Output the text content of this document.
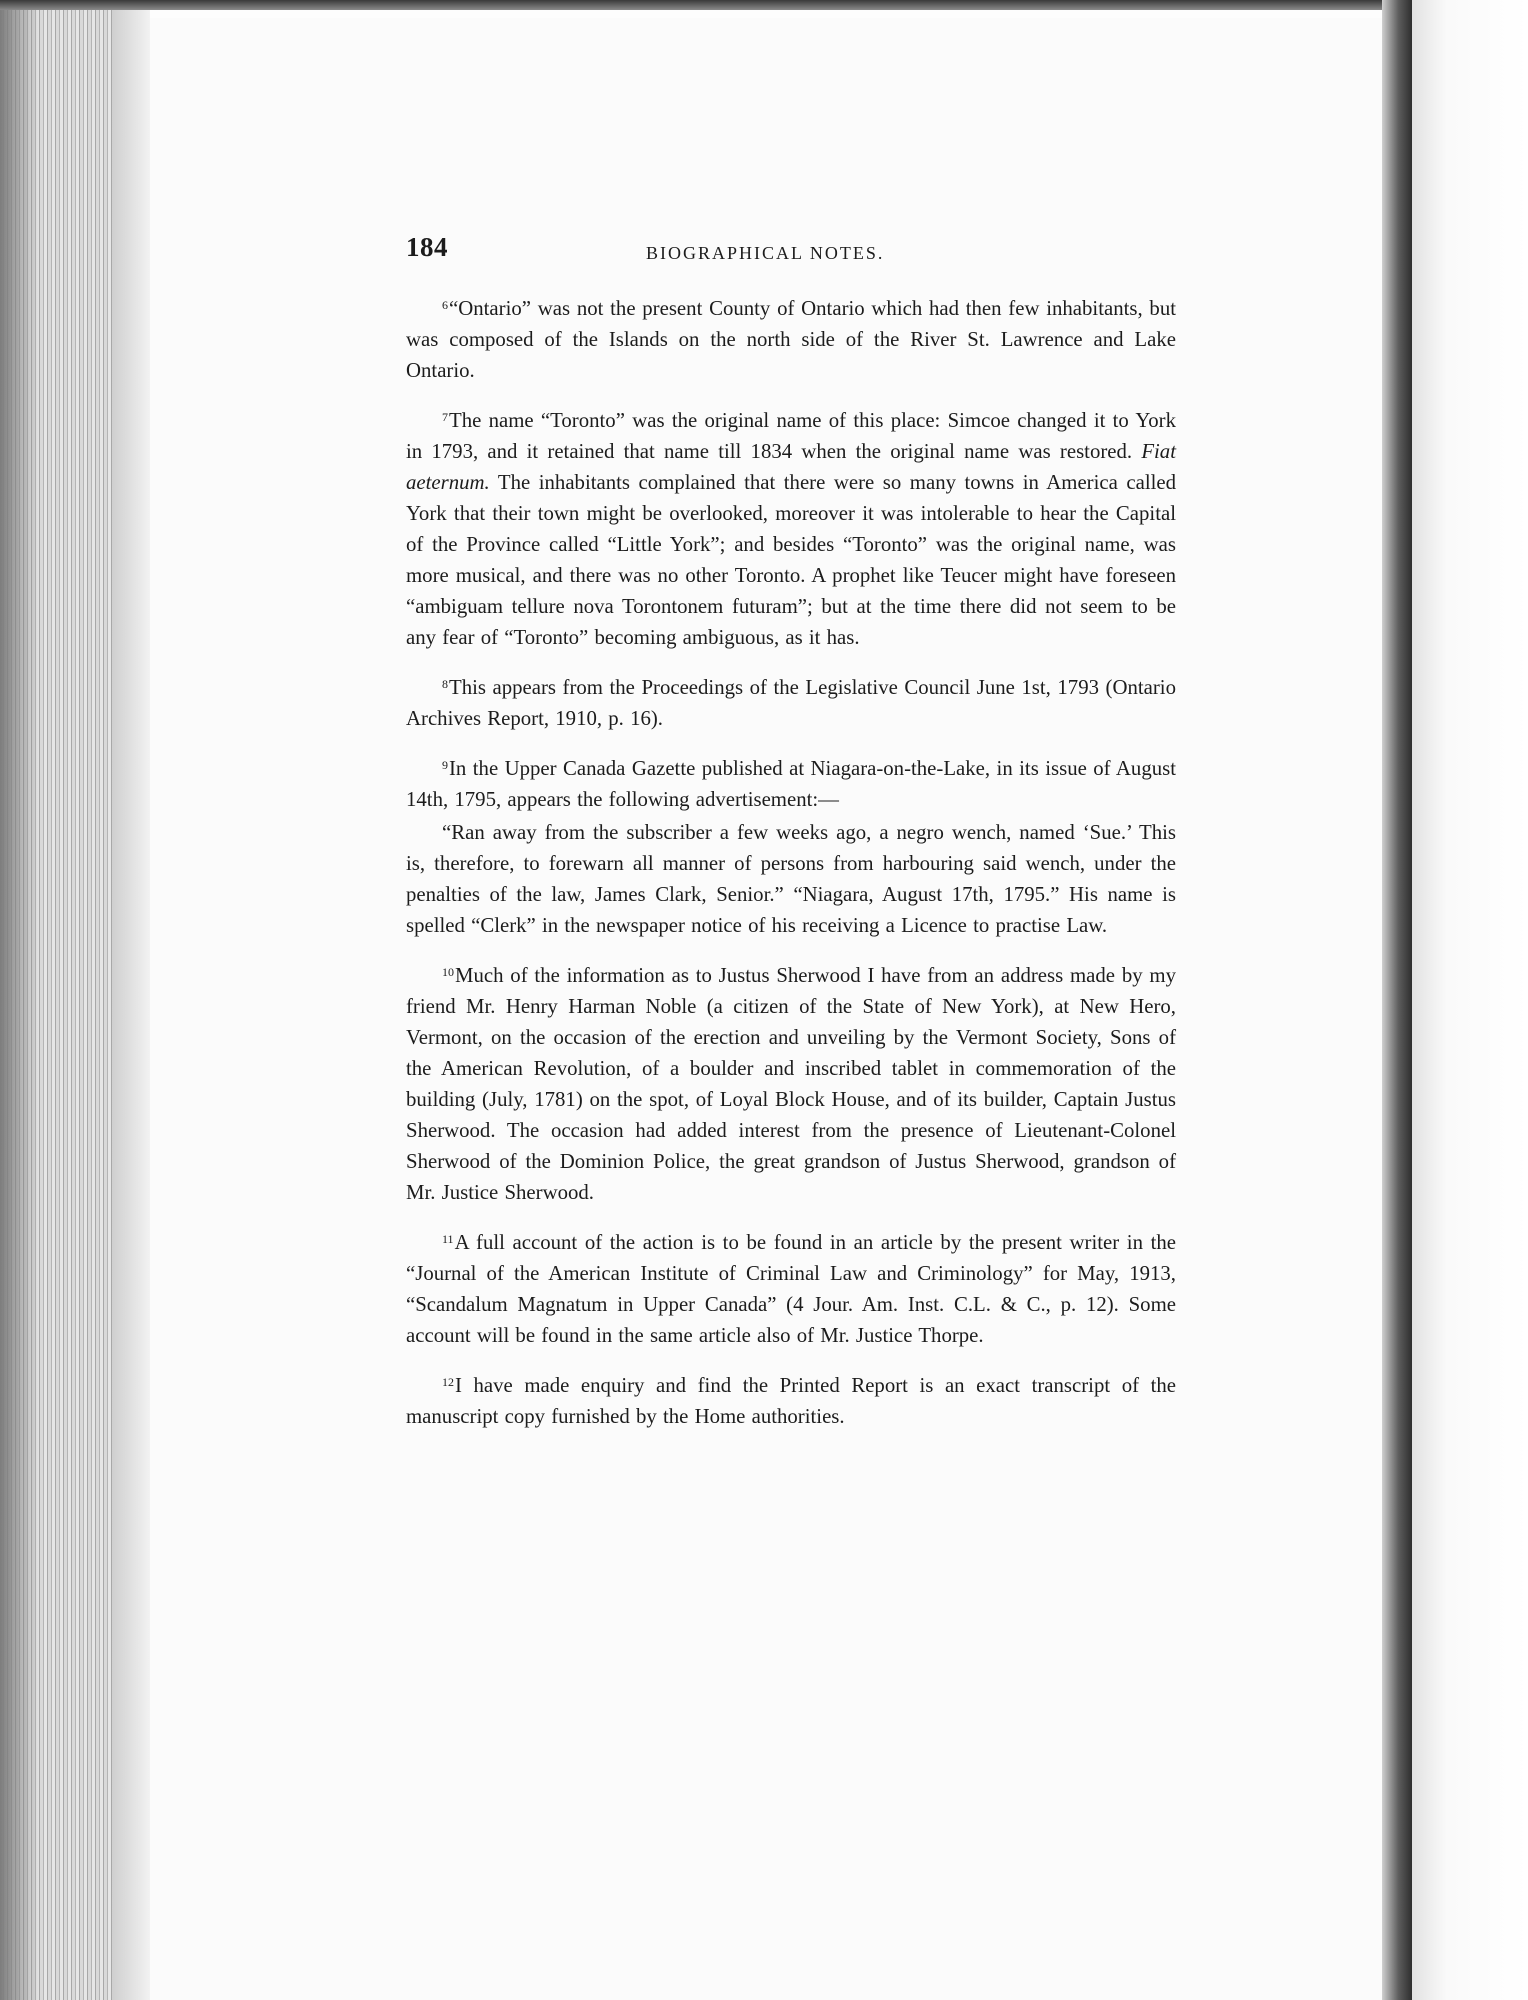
184	BIOGRAPHICAL NOTES.

$^6$“Ontario” was not the present County of Ontario which had then few inhabitants, but was composed of the Islands on the north side of the River St. Lawrence and Lake Ontario.

$^7$The name “Toronto” was the original name of this place: Simcoe changed it to York in 1793, and it retained that name till 1834 when the original name was restored. Fiat aeternum. The inhabitants complained that there were so many towns in America called York that their town might be overlooked, moreover it was intolerable to hear the Capital of the Province called “Little York”; and besides “Toronto” was the original name, was more musical, and there was no other Toronto. A prophet like Teucer might have foreseen “ambiguam tellure nova Torontonem futuram”; but at the time there did not seem to be any fear of “Toronto” becoming ambiguous, as it has.

$^8$This appears from the Proceedings of the Legislative Council June 1st, 1793 (Ontario Archives Report, 1910, p. 16).

$^9$In the Upper Canada Gazette published at Niagara-on-the-Lake, in its issue of August 14th, 1795, appears the following advertisement:—

“Ran away from the subscriber a few weeks ago, a negro wench, named ‘Sue.’ This is, therefore, to forewarn all manner of persons from harbouring said wench, under the penalties of the law, James Clark, Senior.” “Niagara, August 17th, 1795.” His name is spelled “Clerk” in the newspaper notice of his receiving a Licence to practise Law.

$^{10}$Much of the information as to Justus Sherwood I have from an address made by my friend Mr. Henry Harman Noble (a citizen of the State of New York), at New Hero, Vermont, on the occasion of the erection and unveiling by the Vermont Society, Sons of the American Revolution, of a boulder and inscribed tablet in commemoration of the building (July, 1781) on the spot, of Loyal Block House, and of its builder, Captain Justus Sherwood. The occasion had added interest from the presence of Lieutenant-Colonel Sherwood of the Dominion Police, the great grandson of Justus Sherwood, grandson of Mr. Justice Sherwood.

$^{11}$A full account of the action is to be found in an article by the present writer in the “Journal of the American Institute of Criminal Law and Criminology” for May, 1913, “Scandalum Magnatum in Upper Canada” (4 Jour. Am. Inst. C.L. & C., p. 12). Some account will be found in the same article also of Mr. Justice Thorpe.

$^{12}$I have made enquiry and find the Printed Report is an exact transcript of the manuscript copy furnished by the Home authorities.
